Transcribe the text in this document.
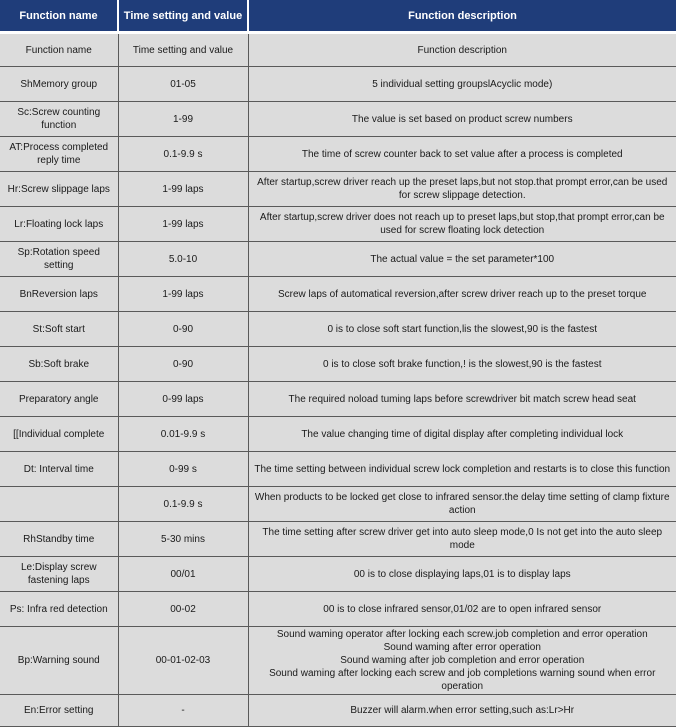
Function name	Time setting and value	Function description
Function name	Time setting and value	Function description
ShMemory group	01-05	5 individual setting groupslAcyclic mode)
Sc:Screw counting function	1-99	The value is set based on product screw numbers
AT:Process completed reply time	0.1-9.9 s	The time of screw counter back to set value after a process is completed
Hr:Screw slippage laps	1-99 laps	After startup,screw driver reach up the preset laps,but not stop.that prompt error,can be used for screw slippage detection.
Lr:Floating lock laps	1-99 laps	After startup,screw driver does not reach up to preset laps,but stop,that prompt error,can be used for screw floating lock detection
Sp:Rotation speed setting	5.0-10	The actual value = the set parameter*100
BnReversion laps	1-99 laps	Screw laps of automatical reversion,after screw driver reach up to the preset torque
St:Soft start	0-90	0 is to close soft start function,lis the slowest,90 is the fastest
Sb:Soft brake	0-90	0 is to close soft brake function,! is the slowest,90 is the fastest
Preparatory angle	0-99 laps	The required noload tuming laps before screwdriver bit match screw head seat
[[Individual complete	0.01-9.9 s	The value changing time of digital display after completing individual lock
Dt: Interval time	0-99 s	The time setting between individual screw lock completion and restarts is to close this function
	0.1-9.9 s	When products to be locked get close to infrared sensor.the delay time setting of clamp fixture action
RhStandby time	5-30 mins	The time setting after screw driver get into auto sleep mode,0 Is not get into the auto sleep mode
Le:Display screw fastening laps	00/01	00 is to close displaying laps,01 is to display laps
Ps: Infra red detection	00-02	00 is to close infrared sensor,01/02 are to open infrared sensor
Bp:Warning sound	00-01-02-03	Sound waming operator after locking each screw.job completion and error operation
Sound waming after error operation
Sound waming after job completion and error operation
Sound waming after locking each screw and job completions warning sound when error operation

En:Error setting	-	Buzzer will alarm.when error setting,such as:Lr>Hr
